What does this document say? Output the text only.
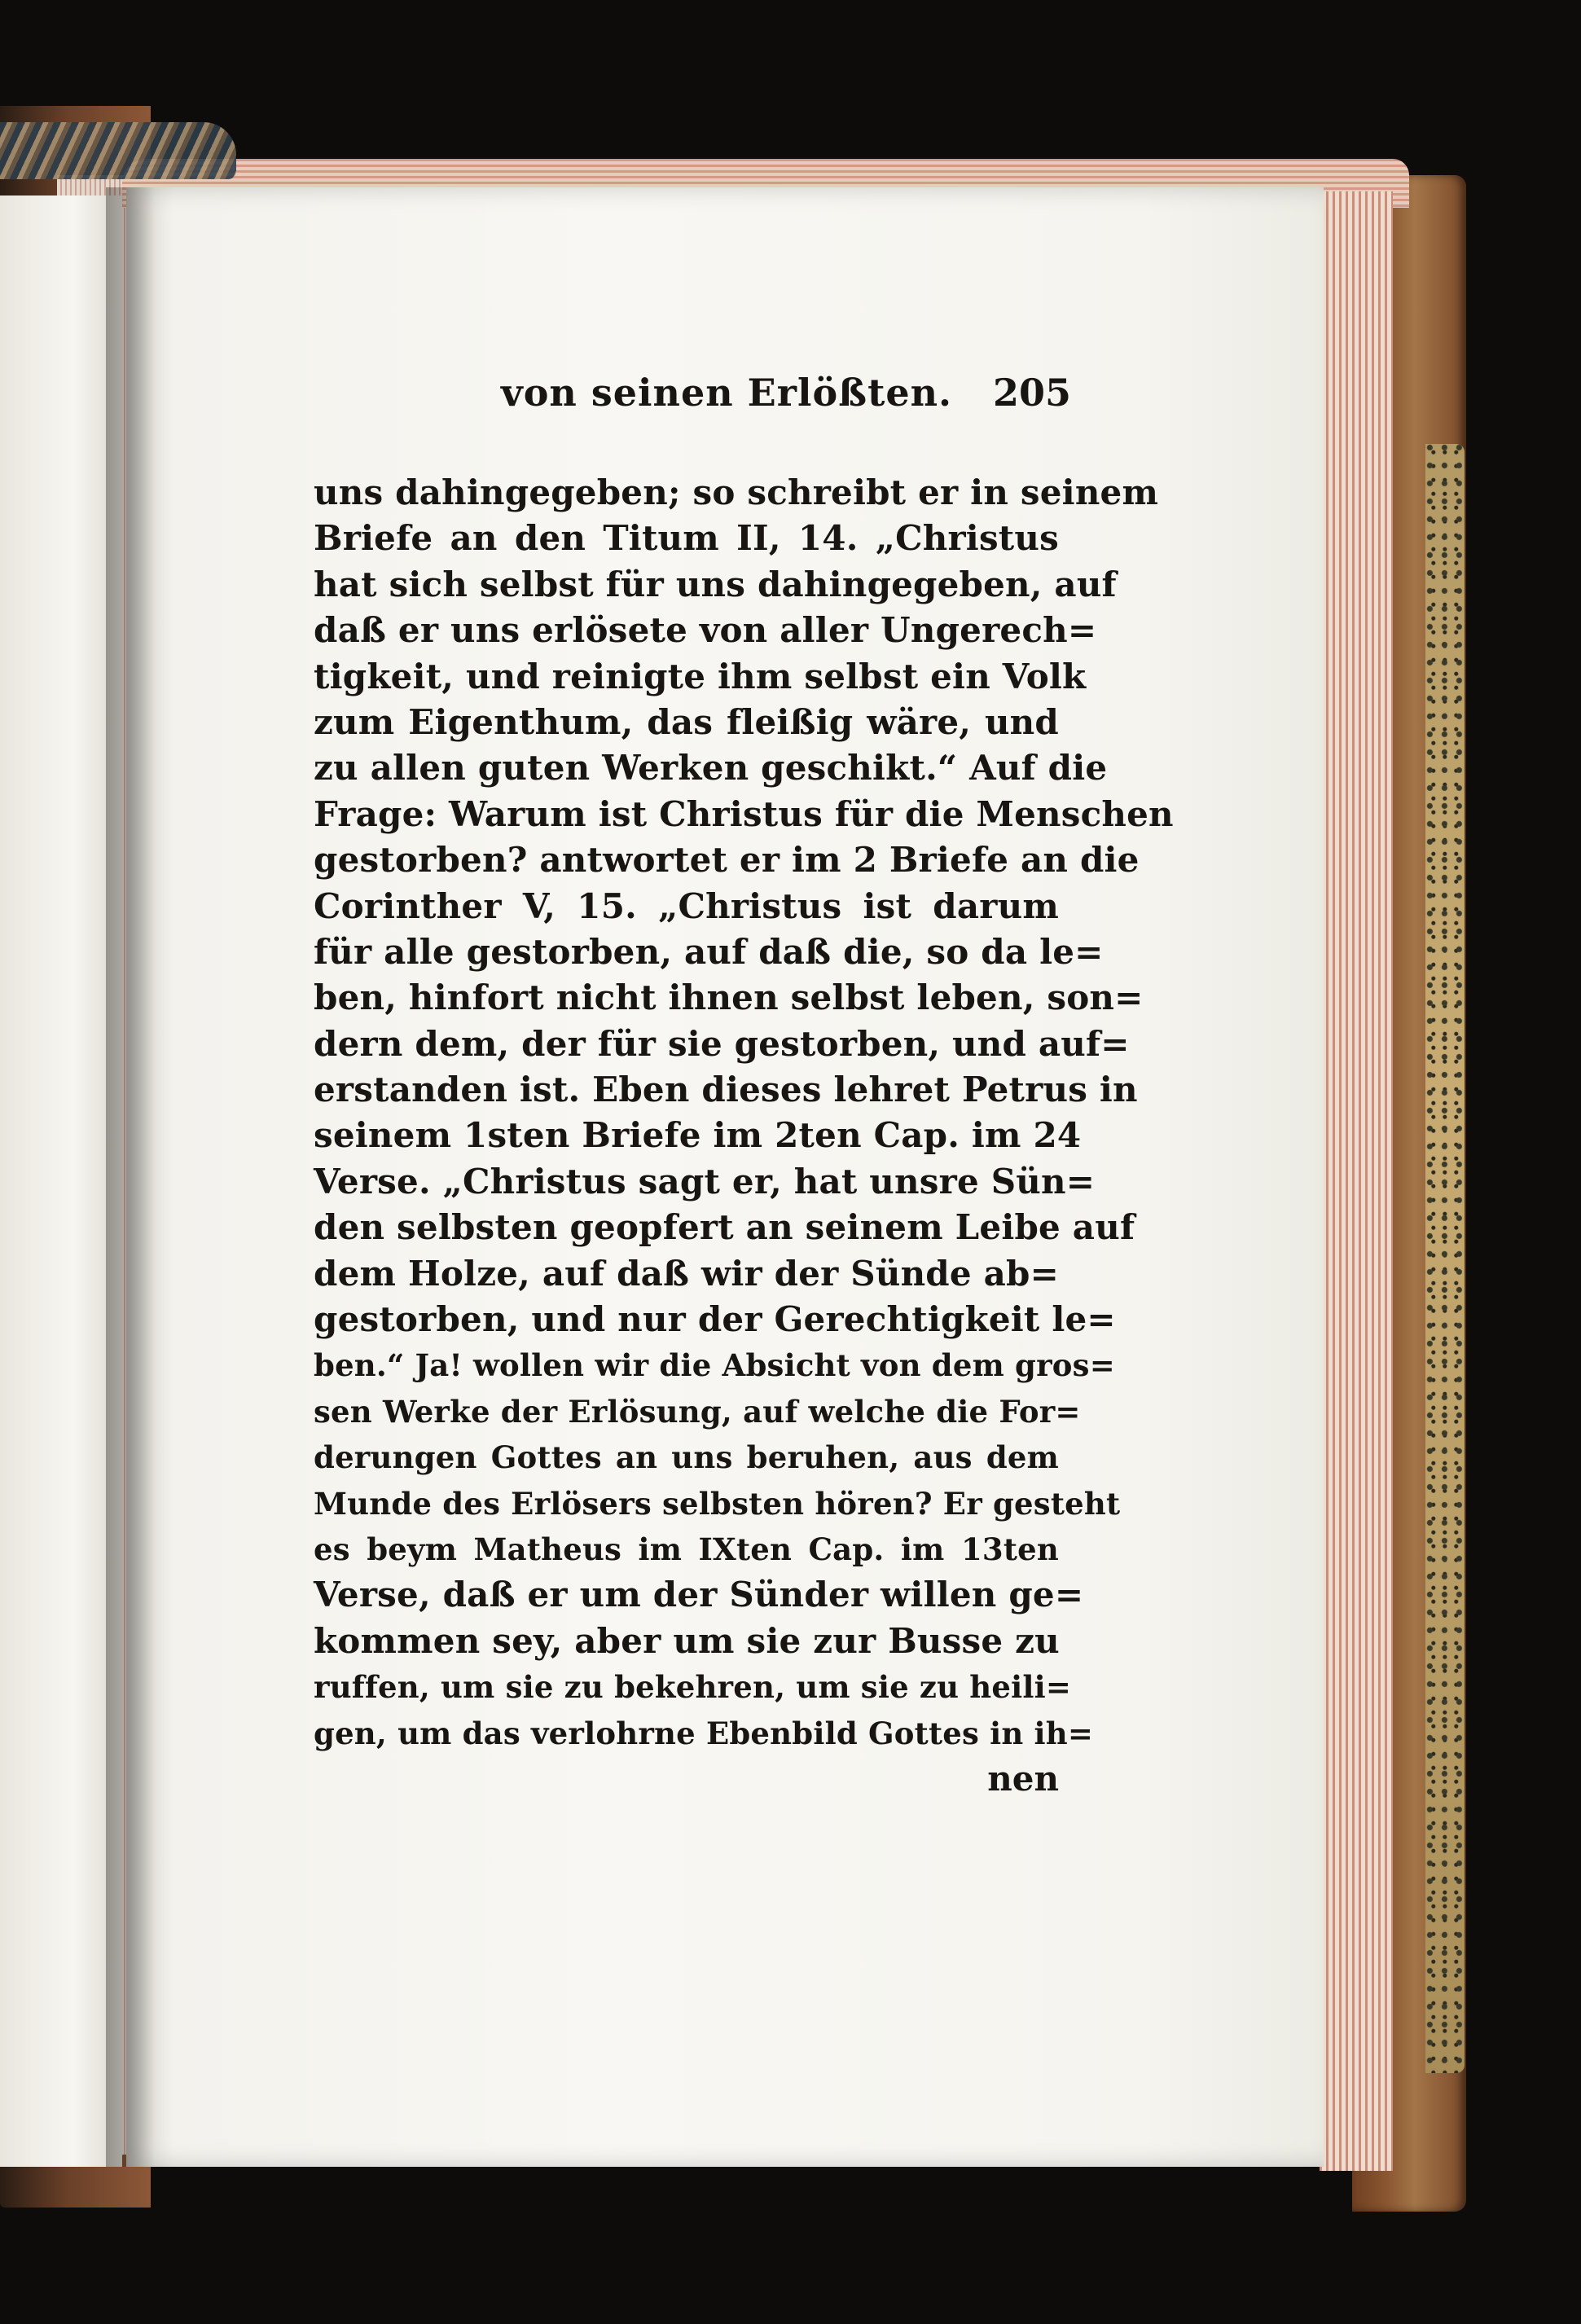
von seinen Erlößten. 205
uns dahingegeben; so schreibt er in seinem
Briefe an den Titum II, 14. „Christus
hat sich selbst für uns dahingegeben, auf
daß er uns erlösete von aller Ungerech=
tigkeit, und reinigte ihm selbst ein Volk
zum Eigenthum, das fleißig wäre, und
zu allen guten Werken geschikt.“ Auf die
Frage: Warum ist Christus für die Menschen
gestorben? antwortet er im 2 Briefe an die
Corinther V, 15. „Christus ist darum
für alle gestorben, auf daß die, so da le=
ben, hinfort nicht ihnen selbst leben, son=
dern dem, der für sie gestorben, und auf=
erstanden ist. Eben dieses lehret Petrus in
seinem 1sten Briefe im 2ten Cap. im 24
Verse. „Christus sagt er, hat unsre Sün=
den selbsten geopfert an seinem Leibe auf
dem Holze, auf daß wir der Sünde ab=
gestorben, und nur der Gerechtigkeit le=
ben.“ Ja! wollen wir die Absicht von dem gros=
sen Werke der Erlösung, auf welche die For=
derungen Gottes an uns beruhen, aus dem
Munde des Erlösers selbsten hören? Er gesteht
es beym Matheus im IXten Cap. im 13ten
Verse, daß er um der Sünder willen ge=
kommen sey, aber um sie zur Busse zu
ruffen, um sie zu bekehren, um sie zu heili=
gen, um das verlohrne Ebenbild Gottes in ih=
nen
